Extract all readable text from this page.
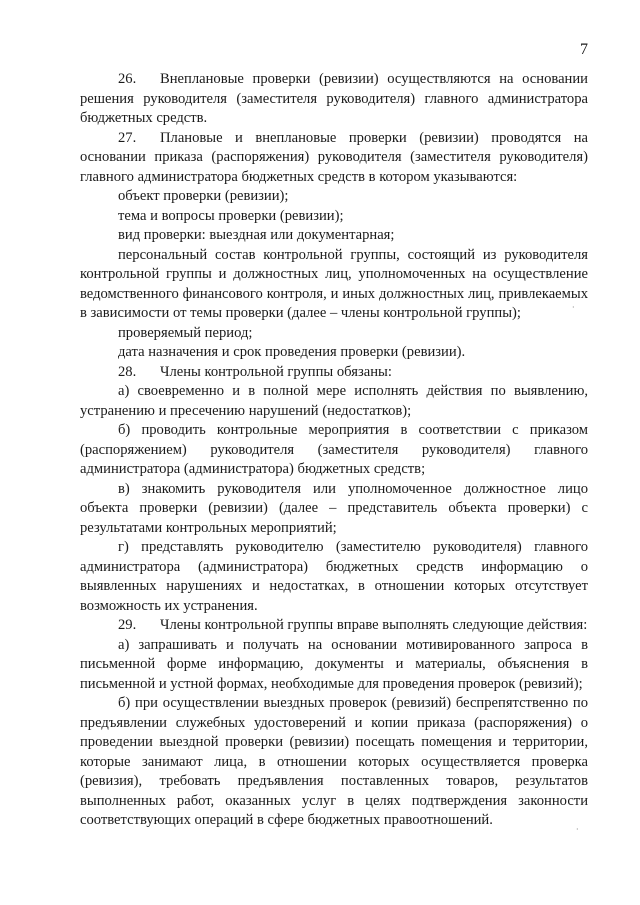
7

26. Внеплановые проверки (ревизии) осуществляются на основании решения руководителя (заместителя руководителя) главного администратора бюджетных средств.

27. Плановые и внеплановые проверки (ревизии) проводятся на основании приказа (распоряжения) руководителя (заместителя руководителя) главного администратора бюджетных средств в котором указываются:

объект проверки (ревизии);

тема и вопросы проверки (ревизии);

вид проверки: выездная или документарная;

персональный состав контрольной группы, состоящий из руководителя контрольной группы и должностных лиц, уполномоченных на осуществление ведомственного финансового контроля, и иных должностных лиц, привлекаемых в зависимости от темы проверки (далее – члены контрольной группы);

проверяемый период;

дата назначения и срок проведения проверки (ревизии).

28. Члены контрольной группы обязаны:

а) своевременно и в полной мере исполнять действия по выявлению, устранению и пресечению нарушений (недостатков);

б) проводить контрольные мероприятия в соответствии с приказом (распоряжением) руководителя (заместителя руководителя) главного администратора (администратора) бюджетных средств;

в) знакомить руководителя или уполномоченное должностное лицо объекта проверки (ревизии) (далее – представитель объекта проверки) с результатами контрольных мероприятий;

г) представлять руководителю (заместителю руководителя) главного администратора (администратора) бюджетных средств информацию о выявленных нарушениях и недостатках, в отношении которых отсутствует возможность их устранения.

29. Члены контрольной группы вправе выполнять следующие действия:

а) запрашивать и получать на основании мотивированного запроса в письменной форме информацию, документы и материалы, объяснения в письменной и устной формах, необходимые для проведения проверок (ревизий);

б) при осуществлении выездных проверок (ревизий) беспрепятственно по предъявлении служебных удостоверений и копии приказа (распоряжения) о проведении выездной проверки (ревизии) посещать помещения и территории, которые занимают лица, в отношении которых осуществляется проверка (ревизия), требовать предъявления поставленных товаров, результатов выполненных работ, оказанных услуг в целях подтверждения законности соответствующих операций в сфере бюджетных правоотношений.

·
·
